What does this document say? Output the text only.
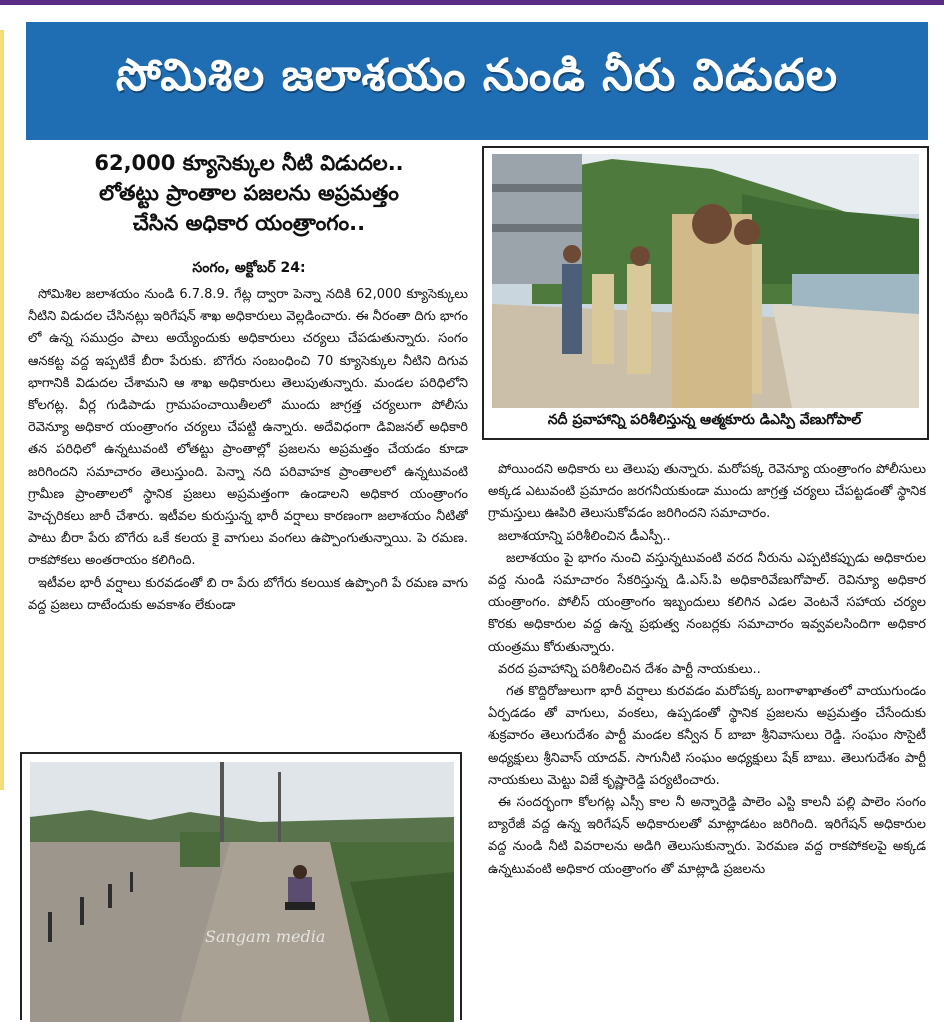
సోమిశిల జలాశయం నుండి నీరు విడుదల
62,000 క్యూసెక్కుల నీటి విడుదల..
లోతట్టు ప్రాంతాల పజలను అప్రమత్తం
చేసిన అధికార యంత్రాంగం..
సంగం, అక్టోబర్ 24:

సోమిశిల జలాశయం నుండి 6.7.8.9. గేట్ల ద్వారా పెన్నా నదికి 62,000 క్యూసెక్కులు నీటిని విడుదల చేసినట్లు ఇరిగేషన్ శాఖ అధికారులు వెల్లడించారు. ఈ నీరంతా దిగు భాగం లో ఉన్న సముద్రం పాలు అయ్యేందుకు అధికారులు చర్యలు చేపడుతున్నారు. సంగం ఆనకట్ట వద్ద ఇప్పటికే బీరా పేరుకు. బొగేరు సంబంధించి 70 క్యూసెక్కుల నీటిని దిగువ భాగానికి విడుదల చేశామని ఆ శాఖ అధికారులు తెలుపుతున్నారు. మండల పరిధిలోని కోలగట్ల. వీర్ల గుడిపాడు గ్రామపంచాయితీలలో ముందు జాగ్రత్త చర్యలుగా పోలీసు రెవెన్యూ అధికార యంత్రాంగం చర్యలు చేపట్టి ఉన్నారు. అదేవిధంగా డివిజనల్ అధికారి తన పరిధిలో ఉన్నటువంటి లోతట్టు ప్రాంతాల్లో ప్రజలను అప్రమత్తం చేయడం కూడా జరిగిందని సమాచారం తెలుస్తుంది. పెన్నా నది పరివాహక ప్రాంతాలలో ఉన్నటువంటి గ్రామీణ ప్రాంతాలలో స్థానిక ప్రజలు అప్రమత్తంగా ఉండాలని అధికార యంత్రాంగం హెచ్చరికలు జారీ చేశారు. ఇటీవల కురుస్తున్న భారీ వర్షాలు కారణంగా జలాశయం నీటితో పాటు బీరా పేరు బొగేరు ఒకే కలయ కై వాగులు వంగలు ఉప్పొంగుతున్నాయి. పె రమణ. రాకపోకలు అంతరాయం కలిగింది.

ఇటీవల భారీ వర్షాలు కురవడంతో బి రా పేరు బోగేరు కలయిక ఉప్పొంగి పే రమణ వాగు వద్ద ప్రజలు దాటేందుకు అవకాశం లేకుండా

నదీ ప్రవాహాన్ని పరిశీలిస్తున్న ఆత్మకూరు డిఎస్పి వేణుగోపాల్

పోయిందని అధికారు లు తెలుపు తున్నారు. మరోపక్క రెవెన్యూ యంత్రాంగం పోలీసులు అక్కడ ఎటువంటి ప్రమాదం జరగనీయకుండా ముందు జాగ్రత్త చర్యలు చేపట్టడంతో స్థానిక గ్రామస్తులు ఊపిరి తెలుసుకోవడం జరిగిందని సమాచారం.

జలాశయాన్ని పరిశీలించిన డీఎస్పీ..

జలాశయం పై భాగం నుంచి వస్తున్నటువంటి వరద నీరును ఎప్పటికప్పుడు అధికారుల వద్ద నుండి సమాచారం సేకరిస్తున్న డి.ఎస్.పి అధికారివేణుగోపాల్. రెవిన్యూ అధికార యంత్రాంగం. పోలీస్ యంత్రాంగం ఇబ్బందులు కలిగిన ఎడల వెంటనే సహాయ చర్యల కొరకు అధికారుల వద్ద ఉన్న ప్రభుత్వ నంబర్లకు సమాచారం ఇవ్వవలసిందిగా అధికార యంత్రము కోరుతున్నారు.

వరద ప్రవాహాన్ని పరిశీలించిన దేశం పార్టీ నాయకులు..

గత కొద్దిరోజులుగా భారీ వర్షాలు కురవడం మరోపక్క బంగాళాఖాతంలో వాయుగుండం ఏర్పడడం తో వాగులు, వంకలు, ఉప్పడంతో స్థానిక ప్రజలను అప్రమత్తం చేసేందుకు శుక్రవారం తెలుగుదేశం పార్టీ మండల కన్వీన ర్ బాబా శ్రీనివాసులు రెడ్డి. సంఘం సొసైటీ అధ్యక్షులు శ్రీనివాస్ యాదవ్. సాగునీటి సంఘం అధ్యక్షులు షేక్ బాబు. తెలుగుదేశం పార్టీ నాయకులు మెట్టు విజే కృష్ణారెడ్డి పర్యటించారు.

ఈ సందర్భంగా కోలగట్ల ఎస్సీ కాల నీ అన్నారెడ్డి పాలెం ఎస్టి కాలనీ పల్లి పాలెం సంగం బ్యారేజీ వద్ద ఉన్న ఇరిగేషన్ అధికారులతో మాట్లాడటం జరిగింది. ఇరిగేషన్ అధికారుల వద్ద నుండి నీటి వివరాలను అడిగి తెలుసుకున్నారు. పెరమణ వద్ద రాకపోకలపై అక్కడ ఉన్నటువంటి అధికార యంత్రాంగం తో మాట్లాడి ప్రజలను

Sangam media
